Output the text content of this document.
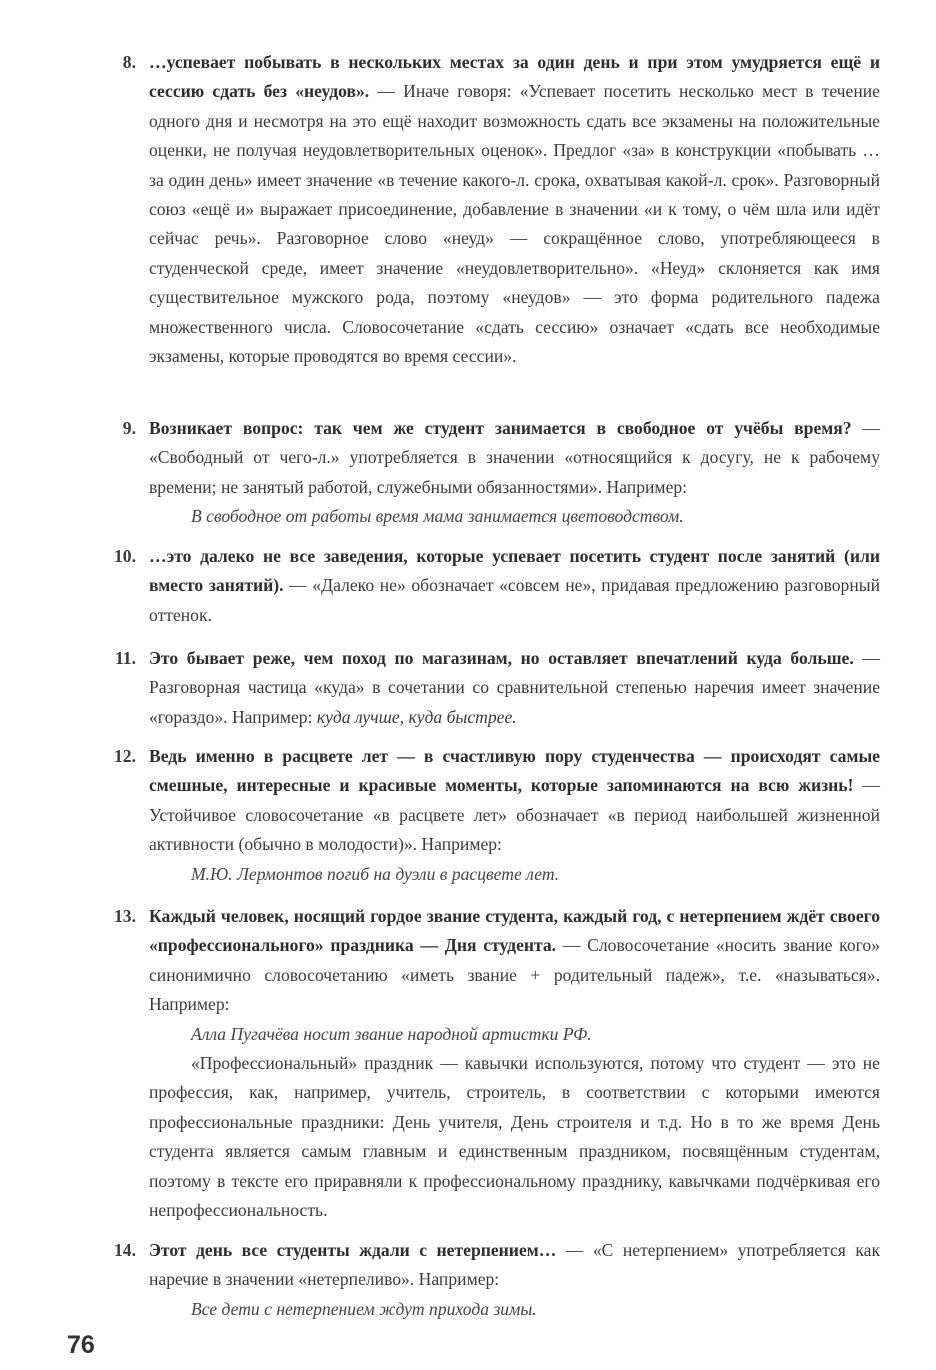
8. …успевает побывать в нескольких местах за один день и при этом умудряется ещё и сессию сдать без «неудов». — Иначе говоря: «Успевает посетить несколько мест в течение одного дня и несмотря на это ещё находит возможность сдать все экзамены на положительные оценки, не получая неудовлетворительных оценок». Предлог «за» в конструкции «побывать … за один день» имеет значение «в течение какого-л. срока, охватывая какой-л. срок». Разговорный союз «ещё и» выражает присоединение, добавление в значении «и к тому, о чём шла или идёт сейчас речь». Разговорное слово «неуд» — сокращённое слово, употребляющееся в студенческой среде, имеет значение «неудовлетворительно». «Неуд» склоняется как имя существительное мужского рода, поэтому «неудов» — это форма родительного падежа множественного числа. Словосочетание «сдать сессию» означает «сдать все необходимые экзамены, которые проводятся во время сессии».
9. Возникает вопрос: так чем же студент занимается в свободное от учёбы время? — «Свободный от чего-л.» употребляется в значении «относящийся к досугу, не к рабочему времени; не занятый работой, служебными обязанностями». Например:
В свободное от работы время мама занимается цветоводством.
10. …это далеко не все заведения, которые успевает посетить студент после занятий (или вместо занятий). — «Далеко не» обозначает «совсем не», придавая предложению разговорный оттенок.
11. Это бывает реже, чем поход по магазинам, но оставляет впечатлений куда больше. — Разговорная частица «куда» в сочетании со сравнительной степенью наречия имеет значение «гораздо». Например: куда лучше, куда быстрее.
12. Ведь именно в расцвете лет — в счастливую пору студенчества — происходят самые смешные, интересные и красивые моменты, которые запоминаются на всю жизнь! — Устойчивое словосочетание «в расцвете лет» обозначает «в период наибольшей жизненной активности (обычно в молодости)». Например:
М.Ю. Лермонтов погиб на дуэли в расцвете лет.
13. Каждый человек, носящий гордое звание студента, каждый год, с нетерпением ждёт своего «профессионального» праздника — Дня студента. — Словосочетание «носить звание кого» синонимично словосочетанию «иметь звание + родительный падеж», т.е. «называться». Например:
Алла Пугачёва носит звание народной артистки РФ.
«Профессиональный» праздник — кавычки используются, потому что студент — это не профессия, как, например, учитель, строитель, в соответствии с которыми имеются профессиональные праздники: День учителя, День строителя и т.д. Но в то же время День студента является самым главным и единственным праздником, посвящённым студентам, поэтому в тексте его приравняли к профессиональному празднику, кавычками подчёркивая его непрофессиональность.
14. Этот день все студенты ждали с нетерпением… — «С нетерпением» употребляется как наречие в значении «нетерпеливо». Например:
Все дети с нетерпением ждут прихода зимы.
76
